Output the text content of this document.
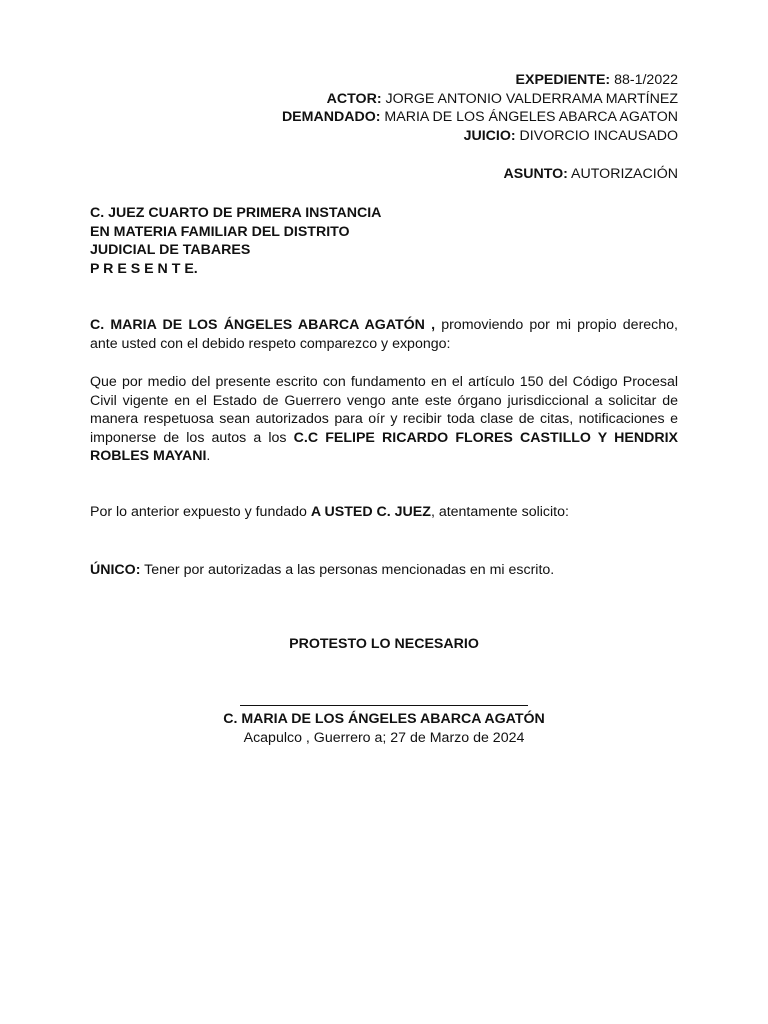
EXPEDIENTE: 88-1/2022
ACTOR: JORGE ANTONIO VALDERRAMA MARTÍNEZ
DEMANDADO: MARIA DE LOS ÁNGELES ABARCA AGATON
JUICIO: DIVORCIO INCAUSADO
ASUNTO: AUTORIZACIÓN
C. JUEZ CUARTO DE PRIMERA INSTANCIA
EN MATERIA FAMILIAR DEL DISTRITO
JUDICIAL DE TABARES
P R E S E N T E.
C. MARIA DE LOS ÁNGELES ABARCA AGATÓN , promoviendo por mi propio derecho, ante usted con el debido respeto comparezco y expongo:
Que por medio del presente escrito con fundamento en el artículo 150 del Código Procesal Civil vigente en el Estado de Guerrero vengo ante este órgano jurisdiccional a solicitar de manera respetuosa sean autorizados para oír y recibir toda clase de citas, notificaciones e imponerse de los autos a los C.C FELIPE RICARDO FLORES CASTILLO Y HENDRIX ROBLES MAYANI.
Por lo anterior expuesto y fundado A USTED C. JUEZ, atentamente solicito:
ÚNICO: Tener por autorizadas a las personas mencionadas en mi escrito.
PROTESTO LO NECESARIO
C. MARIA DE LOS ÁNGELES ABARCA AGATÓN
Acapulco , Guerrero a; 27 de Marzo de 2024
